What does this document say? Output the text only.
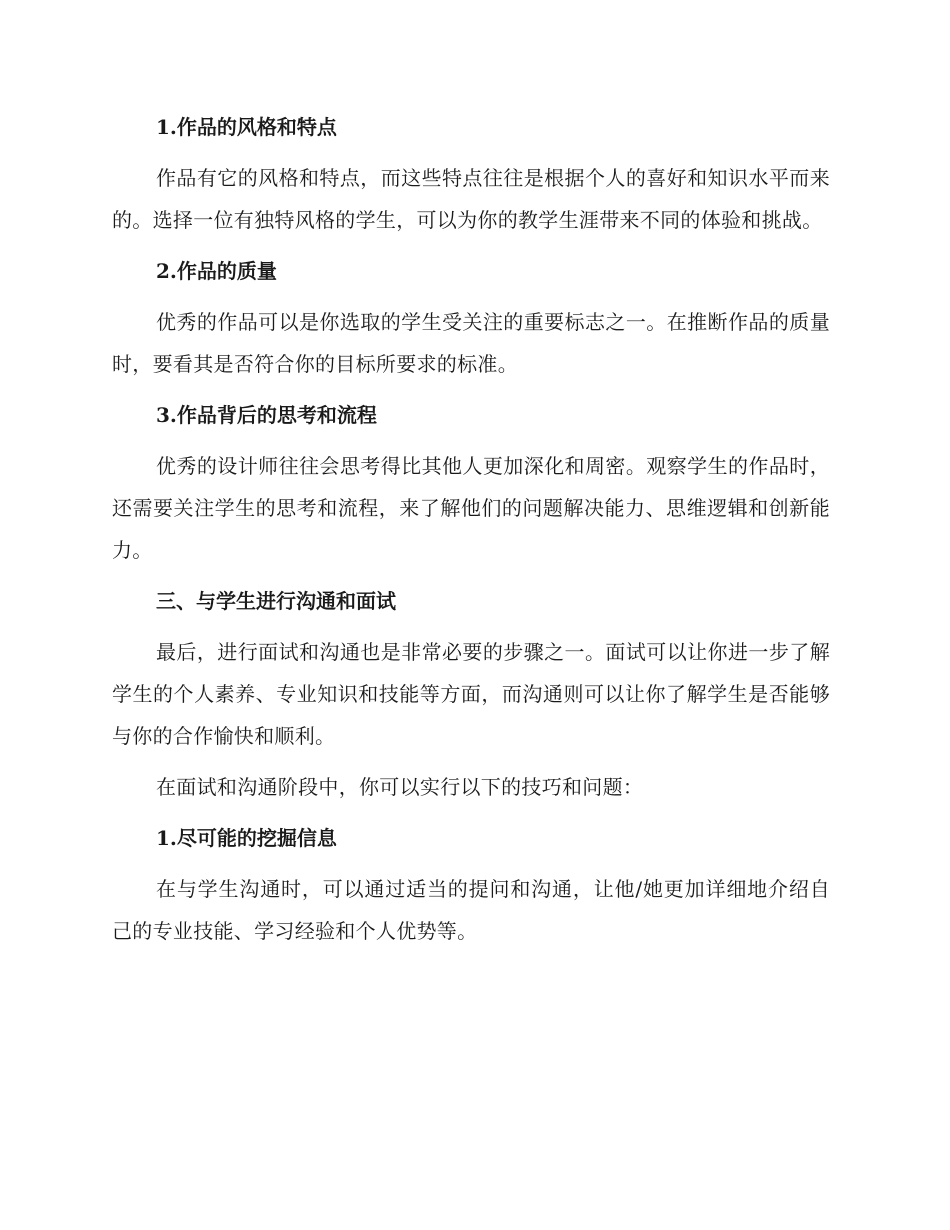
1.作品的风格和特点
作品有它的风格和特点，而这些特点往往是根据个人的喜好和知识水平而来的。选择一位有独特风格的学生，可以为你的教学生涯带来不同的体验和挑战。
2.作品的质量
优秀的作品可以是你选取的学生受关注的重要标志之一。在推断作品的质量时，要看其是否符合你的目标所要求的标准。
3.作品背后的思考和流程
优秀的设计师往往会思考得比其他人更加深化和周密。观察学生的作品时，还需要关注学生的思考和流程，来了解他们的问题解决能力、思维逻辑和创新能力。
三、与学生进行沟通和面试
最后，进行面试和沟通也是非常必要的步骤之一。面试可以让你进一步了解学生的个人素养、专业知识和技能等方面，而沟通则可以让你了解学生是否能够与你的合作愉快和顺利。
在面试和沟通阶段中，你可以实行以下的技巧和问题：
1.尽可能的挖掘信息
在与学生沟通时，可以通过适当的提问和沟通，让他/她更加详细地介绍自己的专业技能、学习经验和个人优势等。
